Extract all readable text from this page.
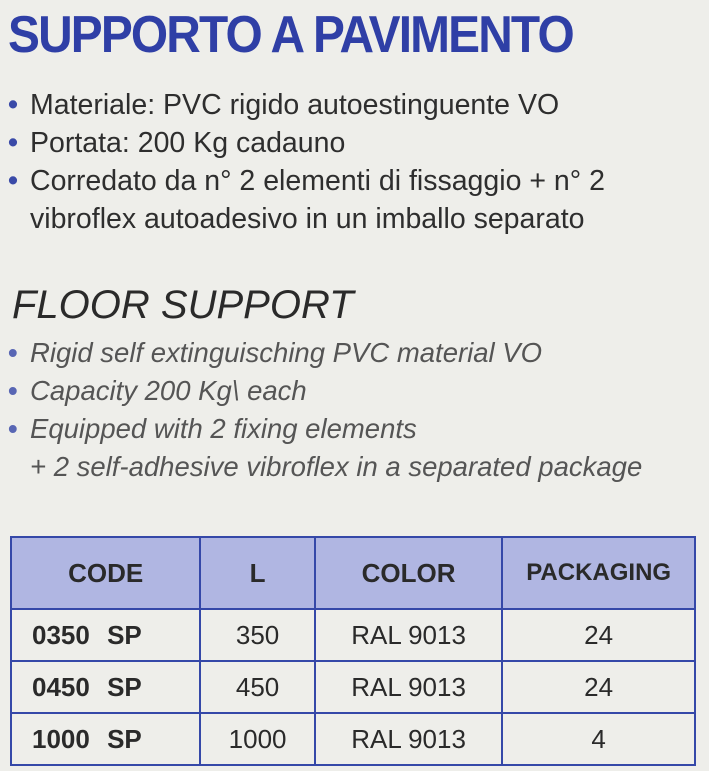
SUPPORTO A PAVIMENTO
• Materiale: PVC rigido autoestinguente VO
• Portata: 200 Kg cadauno
• Corredato da n° 2 elementi di fissaggio + n° 2 vibroflex autoadesivo in un imballo separato
FLOOR SUPPORT
• Rigid self extinguisching PVC material VO
• Capacity 200 Kg\ each
• Equipped with 2 fixing elements
+ 2 self-adhesive vibroflex in a separated package
CODE	L	COLOR	PACKAGING
0350 SP	350	RAL 9013	24
0450 SP	450	RAL 9013	24
1000 SP	1000	RAL 9013	4
